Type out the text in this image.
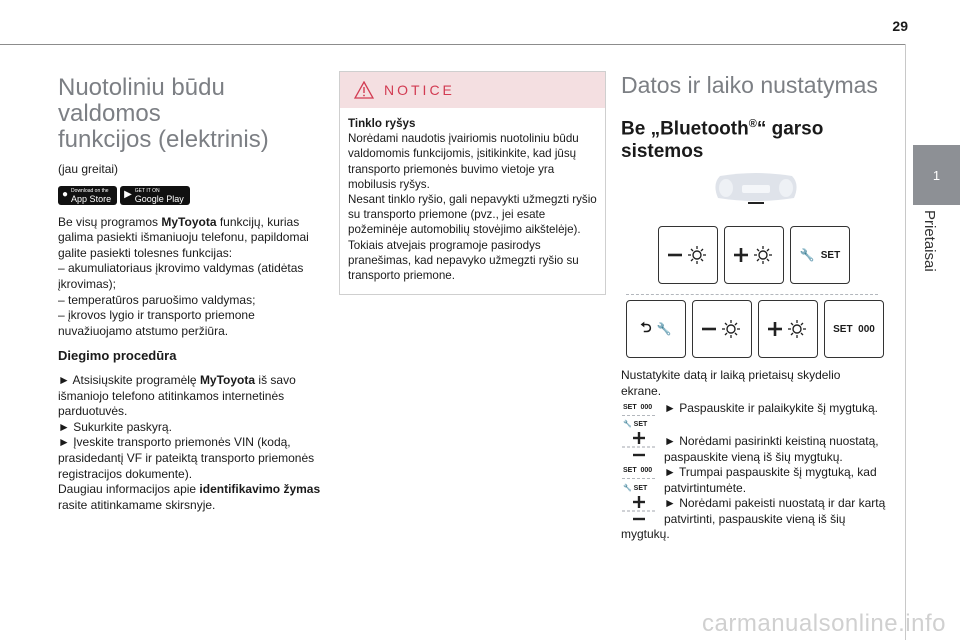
29
1
Prietaisai
Nuotoliniu būdu valdomos
funkcijos (elektrinis)

(jau greitai)

● Download on the
App Store ▶ GET IT ON
Google Play

Be visų programos MyToyota funkcijų, kurias galima pasiekti išmaniuoju telefonu, papildomai galite pasiekti tolesnes funkcijas:

– akumuliatoriaus įkrovimo valdymas (atidėtas įkrovimas);

– temperatūros paruošimo valdymas;

– įkrovos lygio ir transporto priemone nuvažiuojamo atstumo peržiūra.

Diegimo procedūra

► Atsisiųskite programėlę MyToyota iš savo išmaniojo telefono atitinkamos internetinės parduotuvės.

► Sukurkite paskyrą.

► Įveskite transporto priemonės VIN (kodą, prasidedantį VF ir pateiktą transporto priemonės registracijos dokumente).

Daugiau informacijos apie identifikavimo žymas rasite atitinkamame skirsnyje.

NOTICE
Tinklo ryšys
Norėdami naudotis įvairiomis nuotoliniu būdu valdomomis funkcijomis, įsitikinkite, kad jūsų transporto priemonės buvimo vietoje yra mobilusis ryšys.
Nesant tinklo ryšio, gali nepavykti užmegzti ryšio su transporto priemone (pvz., jei esate požeminėje automobilių stovėjimo aikštelėje). Tokiais atvejais programoje pasirodys pranešimas, kad nepavyko užmegzti ryšio su transporto priemone.
Datos ir laiko nustatymas
Be „Bluetooth®“ garso sistemos
🔧 SET
⮌ 🔧	SET  000
Nustatykite datą ir laiką prietaisų skydelio ekrane.
SET  000
🔧 SET
SET  000
🔧 SET
► Paspauskite ir palaikykite šį mygtuką.
► Norėdami pasirinkti keistiną nuostatą, paspauskite vieną iš šių mygtukų.
► Trumpai paspauskite šį mygtuką, kad patvirtintumėte.
► Norėdami pakeisti nuostatą ir dar kartą patvirtinti, paspauskite vieną iš šių
mygtukų.
carmanualsonline.info
